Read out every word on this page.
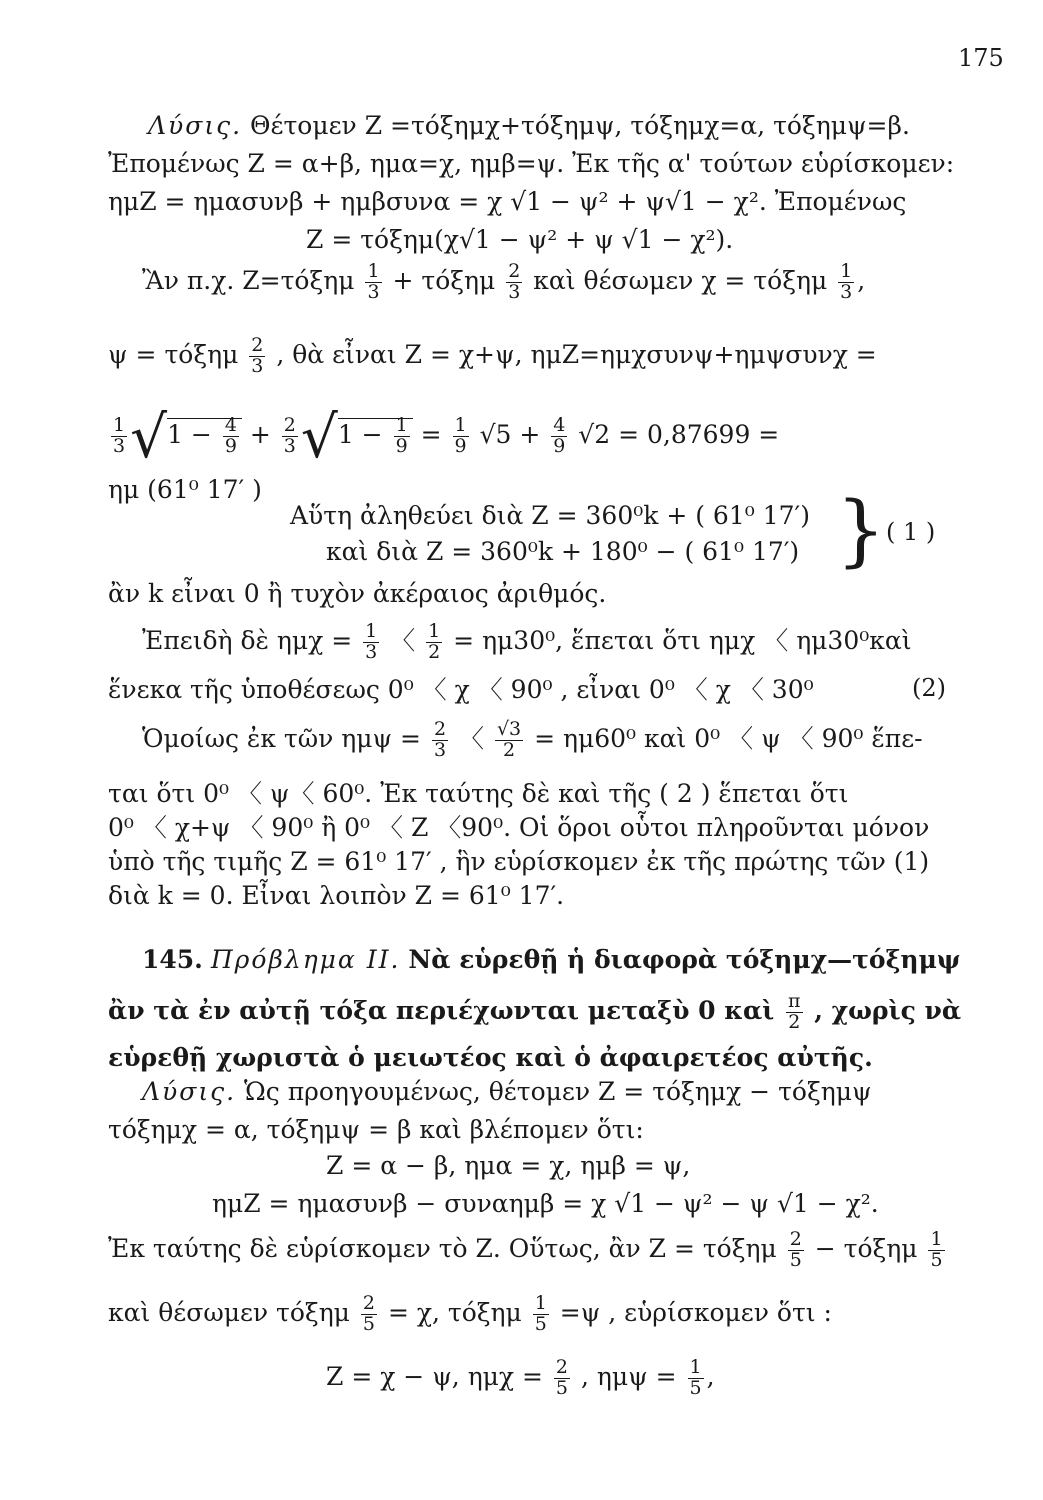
175
Λύσις. Θέτομεν Ζ =τόξημχ+τόξημψ, τόξημχ=α, τόξημψ=β.
Ἐπομένως Ζ = α+β, ημα=χ, ημβ=ψ. Ἐκ τῆς α' τούτων εὑρίσκομεν:
ημΖ = ημασυνβ + ημβσυνα = χ √1 − ψ² + ψ√1 − χ². Ἐπομένως
Ζ = τόξημ(χ√1 − ψ² + ψ √1 − χ²).
Ἂν π.χ. $Z=\tau ό\xi\eta\mu \frac{1}{3} + \tau ό\xi\eta\mu \frac{2}{3}$ καὶ θέσωμεν χ = τόξημ $\frac{1}{3}$ ,
ψ = τόξημ $\frac{2}{3}$ , θὰ εἶναι Ζ = χ+ψ, ημΖ=ημχσυνψ+ημψσυνχ =
$\frac{1}{3} √1 - \frac{4}{9} + \frac{2}{3} √1 - \frac{1}{9} = \frac{1}{9} √5 + \frac{4}{9} √2 = 0,87699$ =
ημ (61⁰ 17′ )
Αὕτη ἀληθεύει διὰ Ζ = 360⁰k + ( 61⁰ 17′)
καὶ διὰ Ζ = 360⁰k + 180⁰ − ( 61⁰ 17′) } ( 1 )
ἂν k εἶναι 0 ἢ τυχὸν ἀκέραιος ἀριθμός.
Ἐπειδὴ δὲ $\eta\mu\chi = \frac{1}{3}$ 〈 $\frac{1}{2} = \eta\mu 30^0$, ἕπεται ὅτι ημχ 〈 ημ30⁰καὶ
ἕνεκα τῆς ὑποθέσεως 0⁰ 〈 χ 〈 90⁰ , εἶναι 0⁰ 〈 χ 〈 30⁰	(2)
Ὁμοίως ἐκ τῶν $\eta\mu\psi = \frac{2}{3}$ 〈 $\frac{√3}{2} = \eta\mu 60^0$ καὶ 0⁰ 〈 ψ 〈 90⁰ ἕπε-
ται ὅτι 0⁰ 〈 ψ〈 60⁰. Ἐκ ταύτης δὲ καὶ τῆς ( 2 ) ἕπεται ὅτι
0⁰ 〈 χ+ψ 〈 90⁰ ἢ 0⁰ 〈 Ζ 〈90⁰. Οἱ ὅροι οὗτοι πληροῦνται μόνον
ὑπὸ τῆς τιμῆς Ζ = 61⁰ 17′ , ἣν εὑρίσκομεν ἐκ τῆς πρώτης τῶν (1)
διὰ k = 0. Εἶναι λοιπὸν Ζ = 61⁰ 17′.
145. Πρόβλημα ΙΙ. Νὰ εὑρεθῇ ἡ διαφορὰ τόξημχ—τόξημψ
ἂν τὰ ἐν αὐτῇ τόξα περιέχωνται μεταξὺ 0 καὶ $\frac{\pi}{2}$ , χωρὶς νὰ
εὑρεθῇ χωριστὰ ὁ μειωτέος καὶ ὁ ἀφαιρετέος αὐτῆς.
Λύσις. Ὡς προηγουμένως, θέτομεν Ζ = τόξημχ − τόξημψ
τόξημχ = α, τόξημψ = β καὶ βλέπομεν ὅτι:
Ζ = α − β, ημα = χ, ημβ = ψ,
ημΖ = ημασυνβ − συναημβ = χ √1 − ψ² − ψ √1 − χ².
Ἐκ ταύτης δὲ εὑρίσκομεν τὸ Ζ. Οὕτως, ἂν Ζ = τόξημ $\frac{2}{5} - \tau ό\xi\eta\mu \frac{1}{5}$
καὶ θέσωμεν τόξημ $\frac{2}{5} = \chi$, τόξημ $\frac{1}{5} =\psi$ , εὑρίσκομεν ὅτι :
Ζ = χ − ψ, $\eta\mu\chi = \frac{2}{5}$ , $\eta\mu\psi = \frac{1}{5}$ ,
